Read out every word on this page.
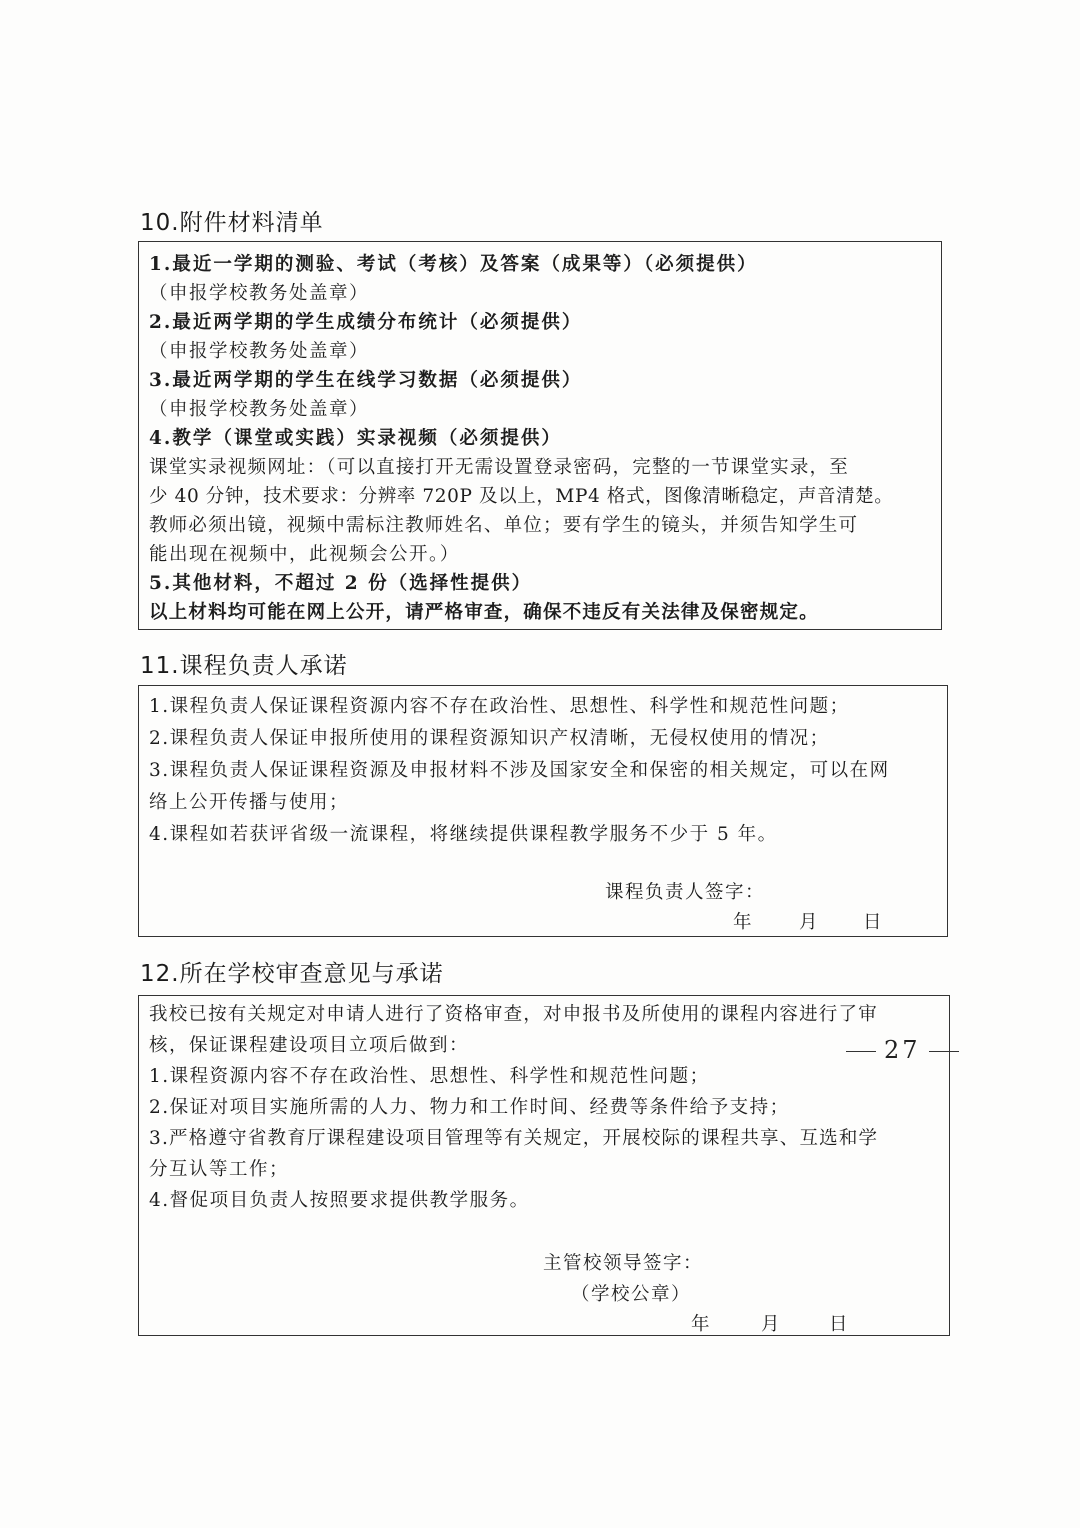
10.附件材料清单
1.最近一学期的测验、考试（考核）及答案（成果等）（必须提供）
（申报学校教务处盖章）
2.最近两学期的学生成绩分布统计（必须提供）
（申报学校教务处盖章）
3.最近两学期的学生在线学习数据（必须提供）
（申报学校教务处盖章）
4.教学（课堂或实践）实录视频（必须提供）
课堂实录视频网址：（可以直接打开无需设置登录密码，完整的一节课堂实录，至
少 40 分钟，技术要求：分辨率 720P 及以上，MP4 格式，图像清晰稳定，声音清楚。
教师必须出镜，视频中需标注教师姓名、单位；要有学生的镜头，并须告知学生可
能出现在视频中，此视频会公开。）
5.其他材料，不超过 2 份（选择性提供）
以上材料均可能在网上公开，请严格审查，确保不违反有关法律及保密规定。
11.课程负责人承诺
1.课程负责人保证课程资源内容不存在政治性、思想性、科学性和规范性问题；
2.课程负责人保证申报所使用的课程资源知识产权清晰，无侵权使用的情况；
3.课程负责人保证课程资源及申报材料不涉及国家安全和保密的相关规定，可以在网
络上公开传播与使用；
4.课程如若获评省级一流课程，将继续提供课程教学服务不少于 5 年。
课程负责人签字：
年 月 日
12.所在学校审查意见与承诺
我校已按有关规定对申请人进行了资格审查，对申报书及所使用的课程内容进行了审
核，保证课程建设项目立项后做到：
1.课程资源内容不存在政治性、思想性、科学性和规范性问题；
2.保证对项目实施所需的人力、物力和工作时间、经费等条件给予支持；
3.严格遵守省教育厅课程建设项目管理等有关规定，开展校际的课程共享、互选和学
分互认等工作；
4.督促项目负责人按照要求提供教学服务。
主管校领导签字：
（学校公章）
年	月	日
27
